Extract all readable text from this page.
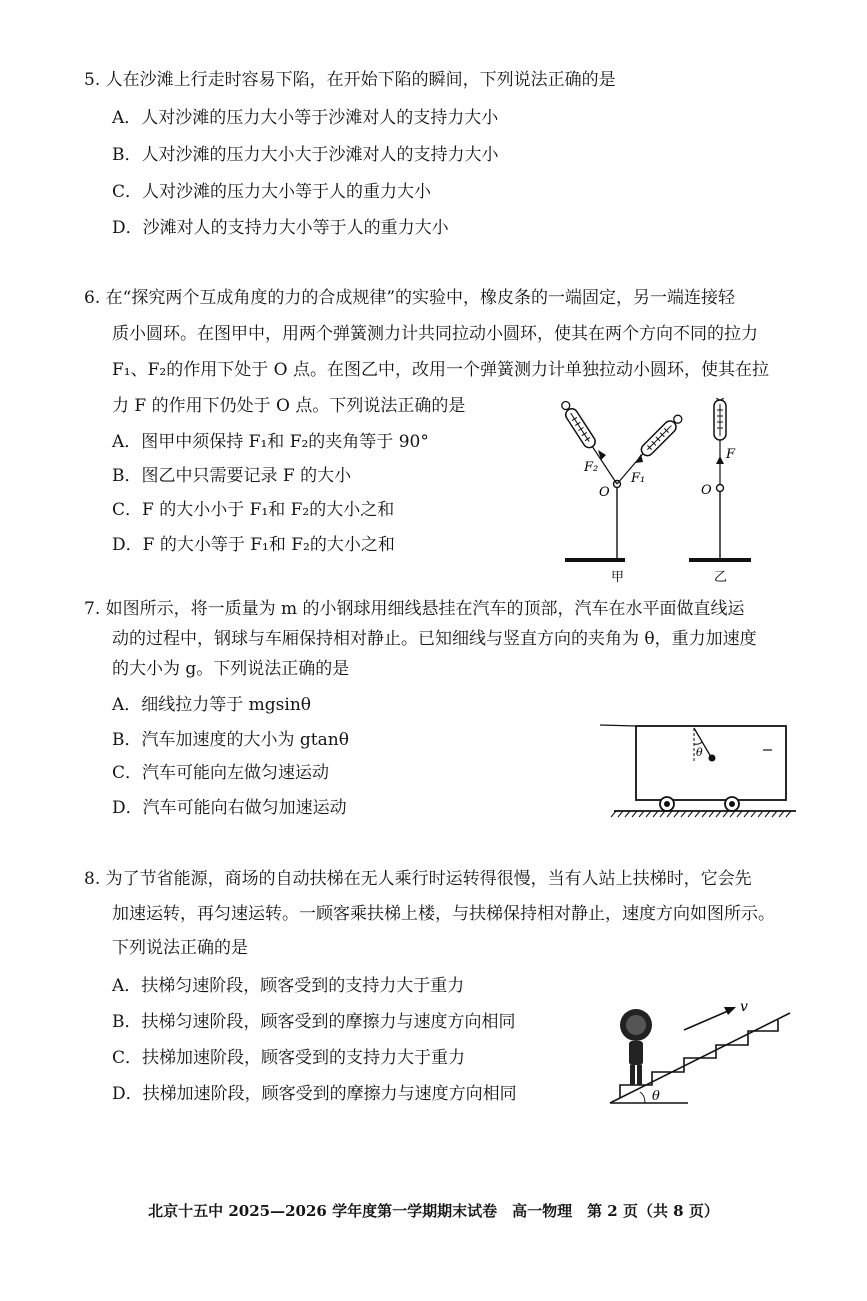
5. 人在沙滩上行走时容易下陷，在开始下陷的瞬间，下列说法正确的是
A．人对沙滩的压力大小等于沙滩对人的支持力大小
B．人对沙滩的压力大小大于沙滩对人的支持力大小
C．人对沙滩的压力大小等于人的重力大小
D．沙滩对人的支持力大小等于人的重力大小
6. 在“探究两个互成角度的力的合成规律”的实验中，橡皮条的一端固定，另一端连接轻
质小圆环。在图甲中，用两个弹簧测力计共同拉动小圆环，使其在两个方向不同的拉力
F₁、F₂的作用下处于 O 点。在图乙中，改用一个弹簧测力计单独拉动小圆环，使其在拉
力 F 的作用下仍处于 O 点。下列说法正确的是
A．图甲中须保持 F₁和 F₂的夹角等于 90°
B．图乙中只需要记录 F 的大小
C．F 的大小小于 F₁和 F₂的大小之和
D．F 的大小等于 F₁和 F₂的大小之和
F₂
F₁
O
甲
F
O
乙
7. 如图所示，将一质量为 m 的小钢球用细线悬挂在汽车的顶部，汽车在水平面做直线运
动的过程中，钢球与车厢保持相对静止。已知细线与竖直方向的夹角为 θ，重力加速度
的大小为 g。下列说法正确的是
A．细线拉力等于 mgsinθ
B．汽车加速度的大小为 gtanθ
C．汽车可能向左做匀速运动
D．汽车可能向右做匀加速运动
θ
8. 为了节省能源，商场的自动扶梯在无人乘行时运转得很慢，当有人站上扶梯时，它会先
加速运转，再匀速运转。一顾客乘扶梯上楼，与扶梯保持相对静止，速度方向如图所示。
下列说法正确的是
A．扶梯匀速阶段，顾客受到的支持力大于重力
B．扶梯匀速阶段，顾客受到的摩擦力与速度方向相同
C．扶梯加速阶段，顾客受到的支持力大于重力
D．扶梯加速阶段，顾客受到的摩擦力与速度方向相同	θ
v
北京十五中 2025—2026 学年度第一学期期末试卷　高一物理　第 2 页（共 8 页）
